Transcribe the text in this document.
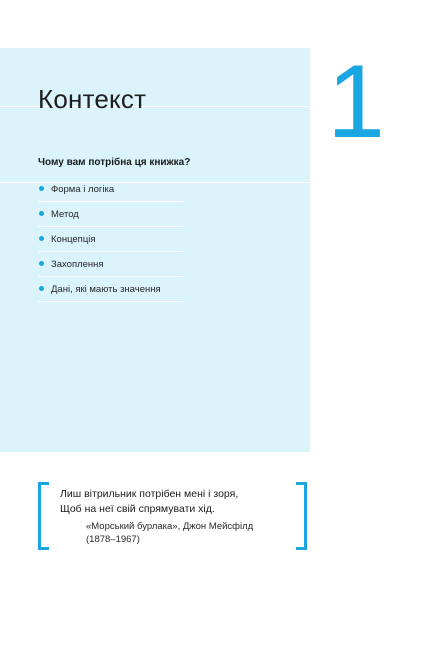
Контекст 1
Чому вам потрібна ця книжка?
Форма і логіка
Метод
Концепція
Захоплення
Дані, які мають значення
Лиш вітрильник потрібен мені і зоря,
Щоб на неї свій спрямувати хід.
«Морський бурлака», Джон Мейсфілд
(1878–1967)
